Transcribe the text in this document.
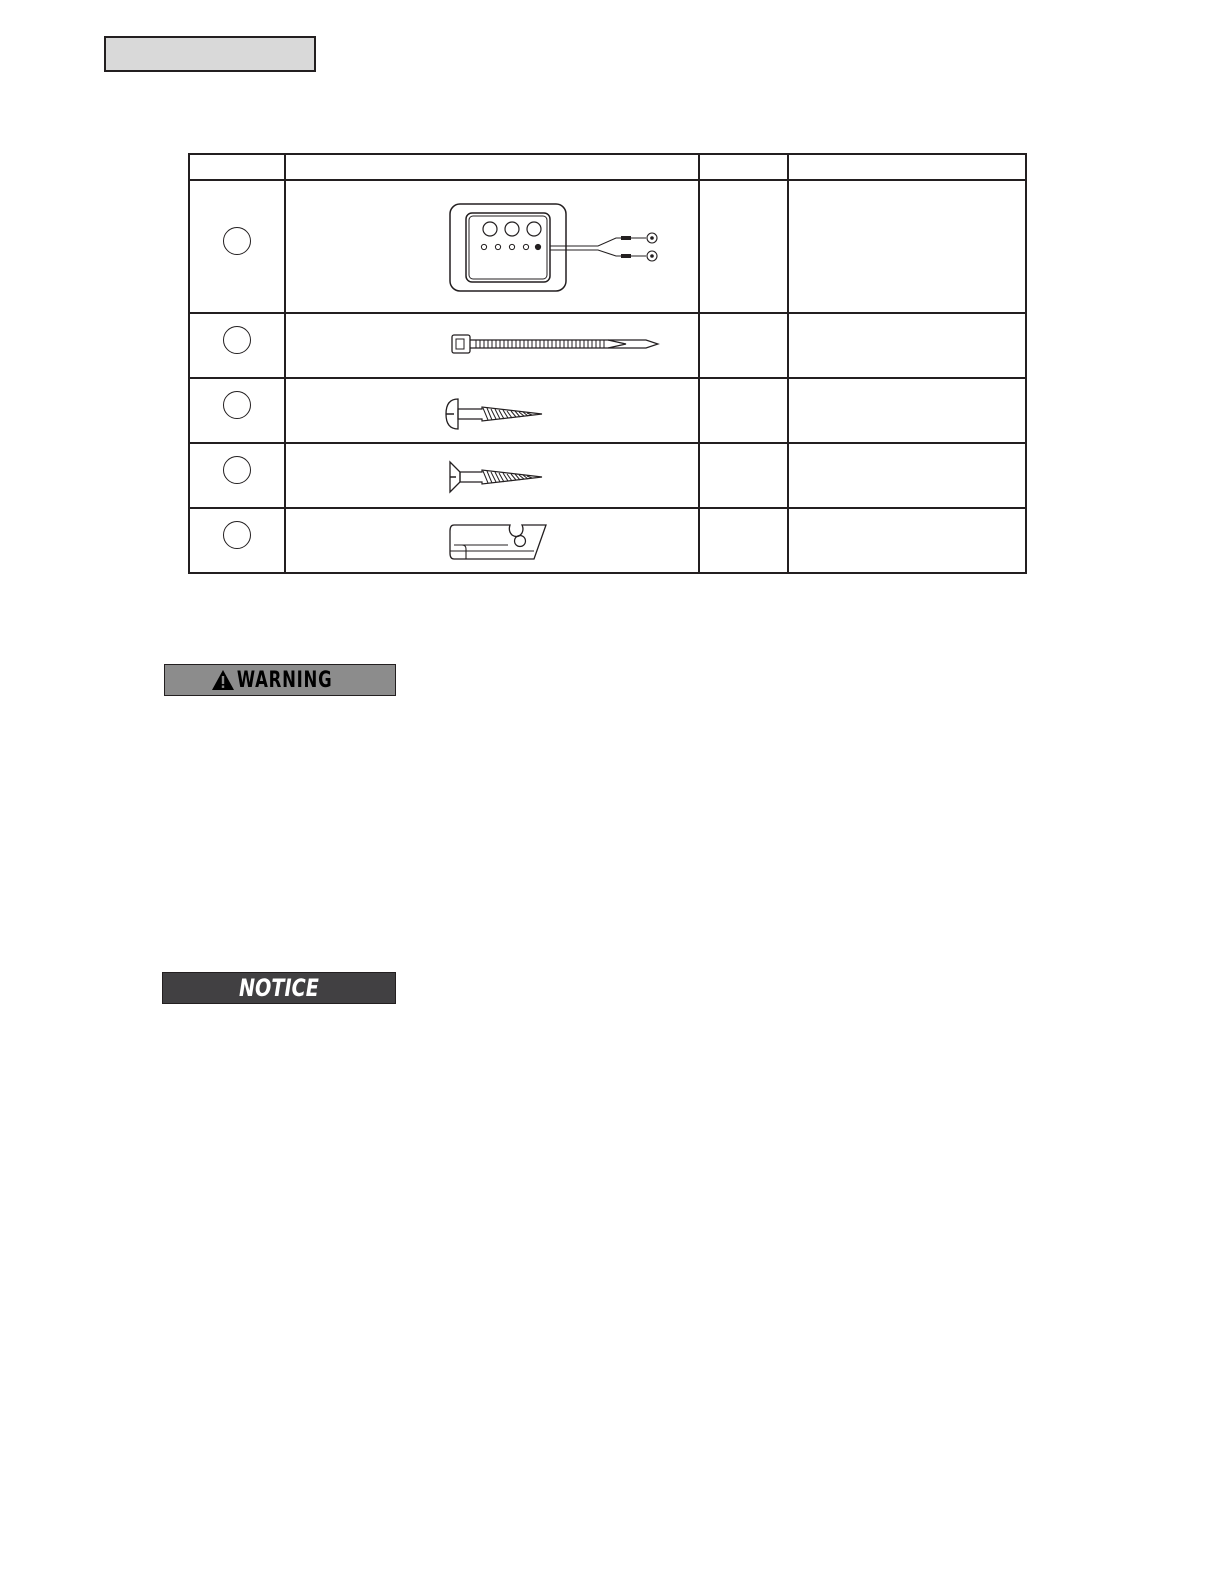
WARNING
NOTICE
